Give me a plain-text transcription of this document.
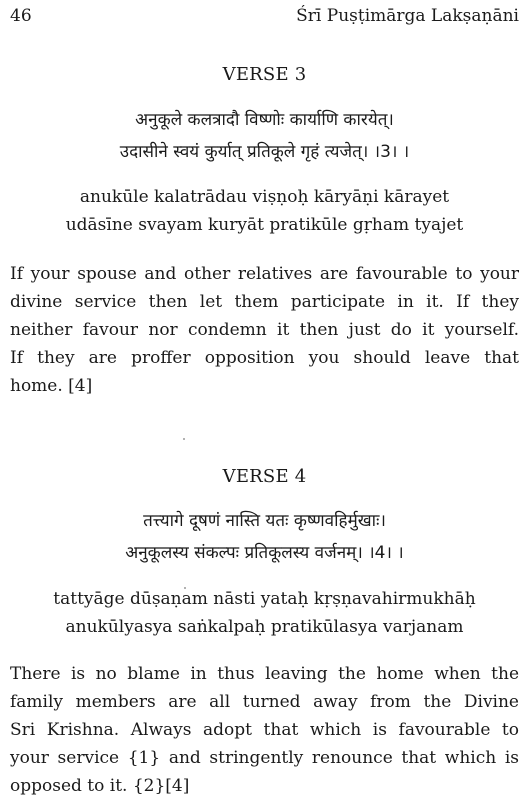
46	Śrī Puṣṭimārga Lakṣaṇāni
VERSE 3
अनुकूले कलत्रादौ विष्णोः कार्याणि कारयेत्।
उदासीने स्वयं कुर्यात् प्रतिकूले गृहं त्यजेत्। ।3। ।
anukūle kalatrādau viṣṇoḥ kāryāṇi kārayet
udāsīne svayam kuryāt pratikūle gṛham tyajet
If your spouse and other relatives are favourable to your
divine service then let them participate in it. If they
neither favour nor condemn it then just do it yourself.
If they are proffer opposition you should leave that
home. [4]
VERSE 4
तत्त्यागे दूषणं नास्ति यतः कृष्णवहिर्मुखाः।
अनुकूलस्य संकल्पः प्रतिकूलस्य वर्जनम्। ।4। ।
tattyāge dūṣaṇam nāsti yataḥ kṛṣṇavahirmukhāḥ
anukūlyasya saṅkalpaḥ pratikūlasya varjanam
There is no blame in thus leaving the home when the
family members are all turned away from the Divine
Sri Krishna. Always adopt that which is favourable to
your service {1} and stringently renounce that which is
opposed to it. {2}[4]
